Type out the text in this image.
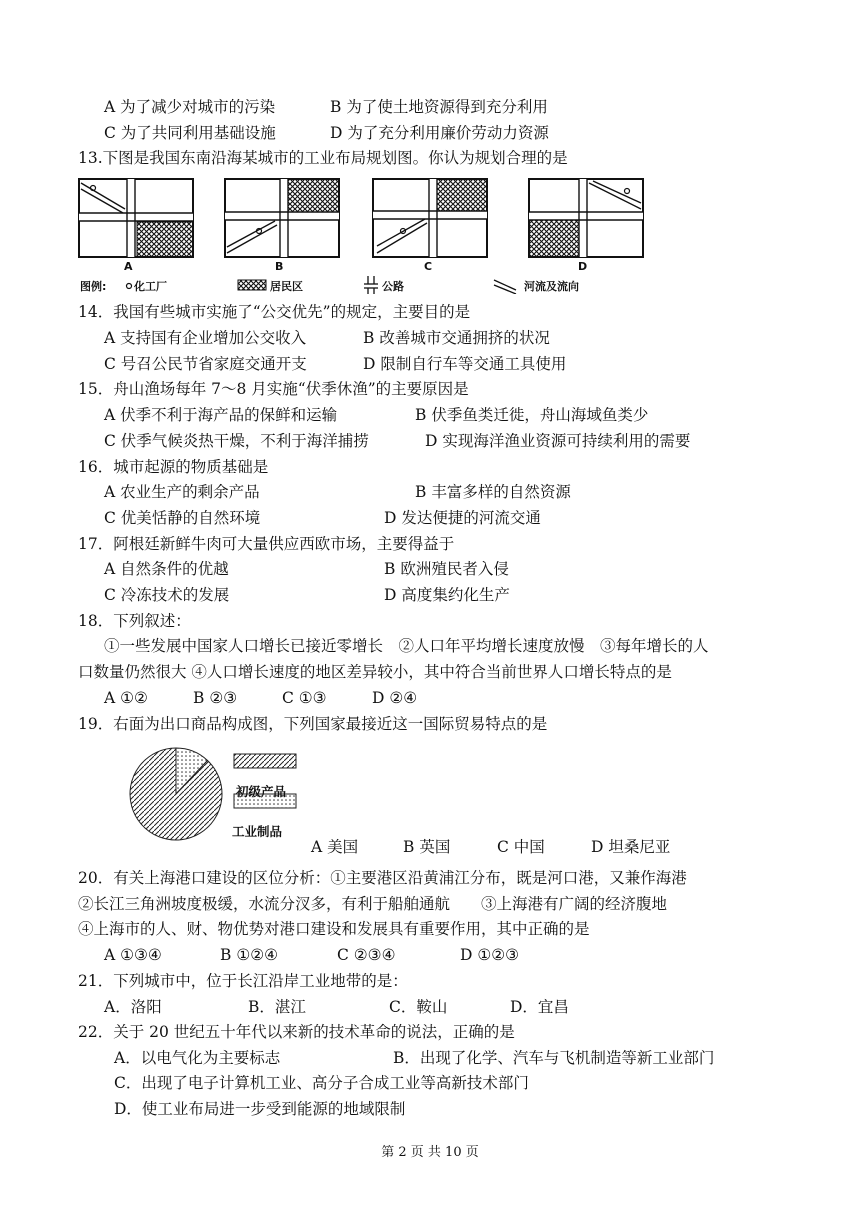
A 为了减少对城市的污染	B 为了使土地资源得到充分利用
C 为了共同利用基础设施	D 为了充分利用廉价劳动力资源
13.下图是我国东南沿海某城市的工业布局规划图。你认为规划合理的是
A	B	C	D
图例:	化工厂	居民区	公路	河流及流向
14．我国有些城市实施了“公交优先”的规定，主要目的是
A 支持国有企业增加公交收入	B 改善城市交通拥挤的状况
C 号召公民节省家庭交通开支	D 限制自行车等交通工具使用
15．舟山渔场每年 7～8 月实施“伏季休渔”的主要原因是
A 伏季不利于海产品的保鲜和运输	B 伏季鱼类迁徙，舟山海域鱼类少
C 伏季气候炎热干燥，不利于海洋捕捞	D 实现海洋渔业资源可持续利用的需要
16．城市起源的物质基础是
A 农业生产的剩余产品	B 丰富多样的自然资源
C 优美恬静的自然环境	D 发达便捷的河流交通
17．阿根廷新鲜牛肉可大量供应西欧市场，主要得益于
A 自然条件的优越	B 欧洲殖民者入侵
C 冷冻技术的发展	D 高度集约化生产
18．下列叙述：
①一些发展中国家人口增长已接近零增长　②人口年平均增长速度放慢　③每年增长的人
口数量仍然很大 ④人口增长速度的地区差异较小，其中符合当前世界人口增长特点的是
A ①②	B ②③	C ①③	D ②④
19．右面为出口商品构成图，下列国家最接近这一国际贸易特点的是
初级产品
工业制品
A 美国	B 英国	C 中国	D 坦桑尼亚
20．有关上海港口建设的区位分析：①主要港区沿黄浦江分布，既是河口港，又兼作海港
②长江三角洲坡度极缓，水流分汊多，有利于船舶通航　　③上海港有广阔的经济腹地
④上海市的人、财、物优势对港口建设和发展具有重要作用，其中正确的是
A ①③④	B ①②④	C ②③④	D ①②③
21．下列城市中，位于长江沿岸工业地带的是：
A．洛阳	B．湛江	C．鞍山	D．宜昌
22．关于 20 世纪五十年代以来新的技术革命的说法，正确的是
A．以电气化为主要标志	B．出现了化学、汽车与飞机制造等新工业部门
C．出现了电子计算机工业、高分子合成工业等高新技术部门
D．使工业布局进一步受到能源的地域限制
第 2 页 共 10 页
